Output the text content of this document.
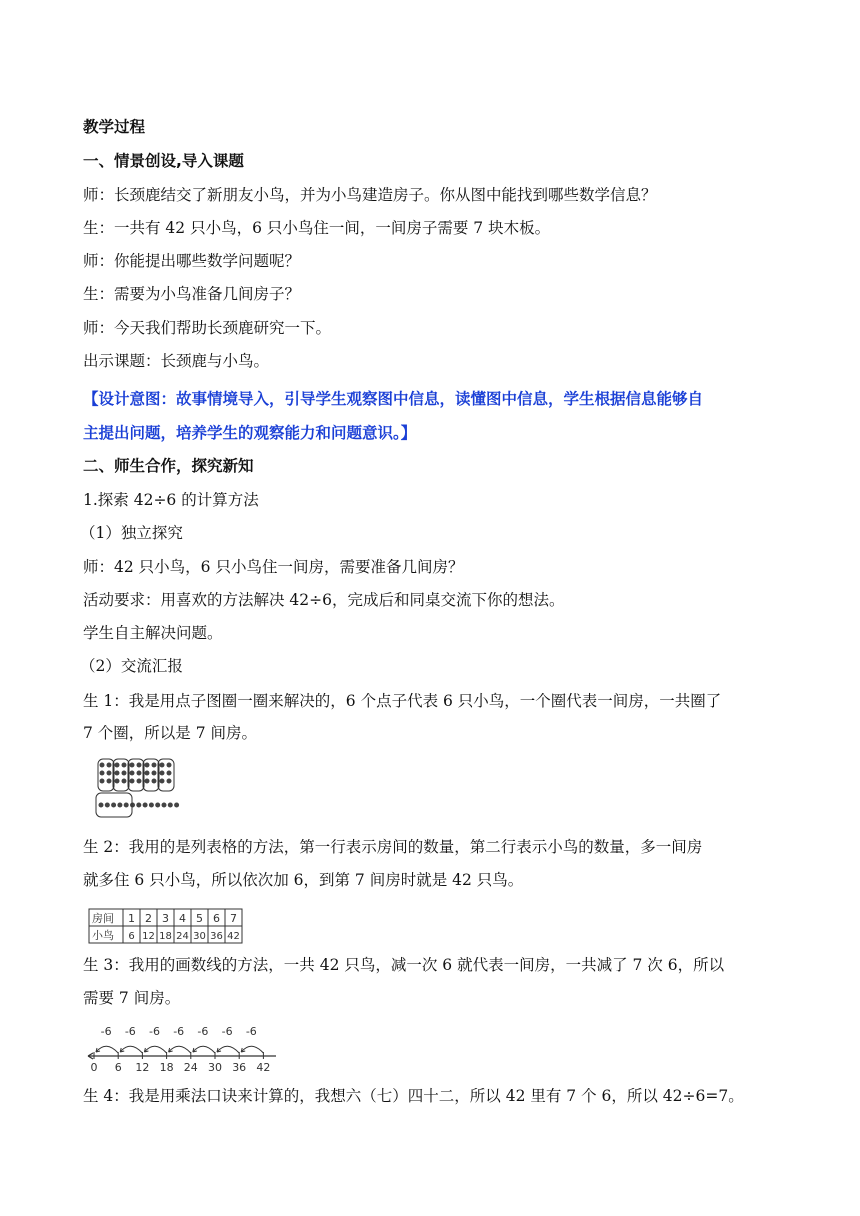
教学过程
一、情景创设,导入课题
师：长颈鹿结交了新朋友小鸟，并为小鸟建造房子。你从图中能找到哪些数学信息？
生：一共有 42 只小鸟，6 只小鸟住一间，一间房子需要 7 块木板。
师：你能提出哪些数学问题呢？
生：需要为小鸟准备几间房子？
师：今天我们帮助长颈鹿研究一下。
出示课题：长颈鹿与小鸟。
【设计意图：故事情境导入，引导学生观察图中信息，读懂图中信息，学生根据信息能够自
主提出问题，培养学生的观察能力和问题意识。】
二、师生合作，探究新知
1.探索 42÷6 的计算方法
（1）独立探究
师：42 只小鸟，6 只小鸟住一间房，需要准备几间房？
活动要求：用喜欢的方法解决 42÷6，完成后和同桌交流下你的想法。
学生自主解决问题。
（2）交流汇报
生 1：我是用点子图圈一圈来解决的，6 个点子代表 6 只小鸟，一个圈代表一间房，一共圈了
7 个圈，所以是 7 间房。
生 2：我用的是列表格的方法，第一行表示房间的数量，第二行表示小鸟的数量，多一间房
就多住 6 只小鸟，所以依次加 6，到第 7 间房时就是 42 只鸟。
房间
小鸟
1 2 3 4 5 6 7
6 12 18 24 30 36 42
生 3：我用的画数线的方法，一共 42 只鸟，减一次 6 就代表一间房，一共减了 7 次 6，所以
需要 7 间房。
0 6 12 18 24 30 36 42
-6 -6 -6 -6 -6 -6 -6
生 4：我是用乘法口诀来计算的，我想六（七）四十二，所以 42 里有 7 个 6，所以 42÷6=7。
